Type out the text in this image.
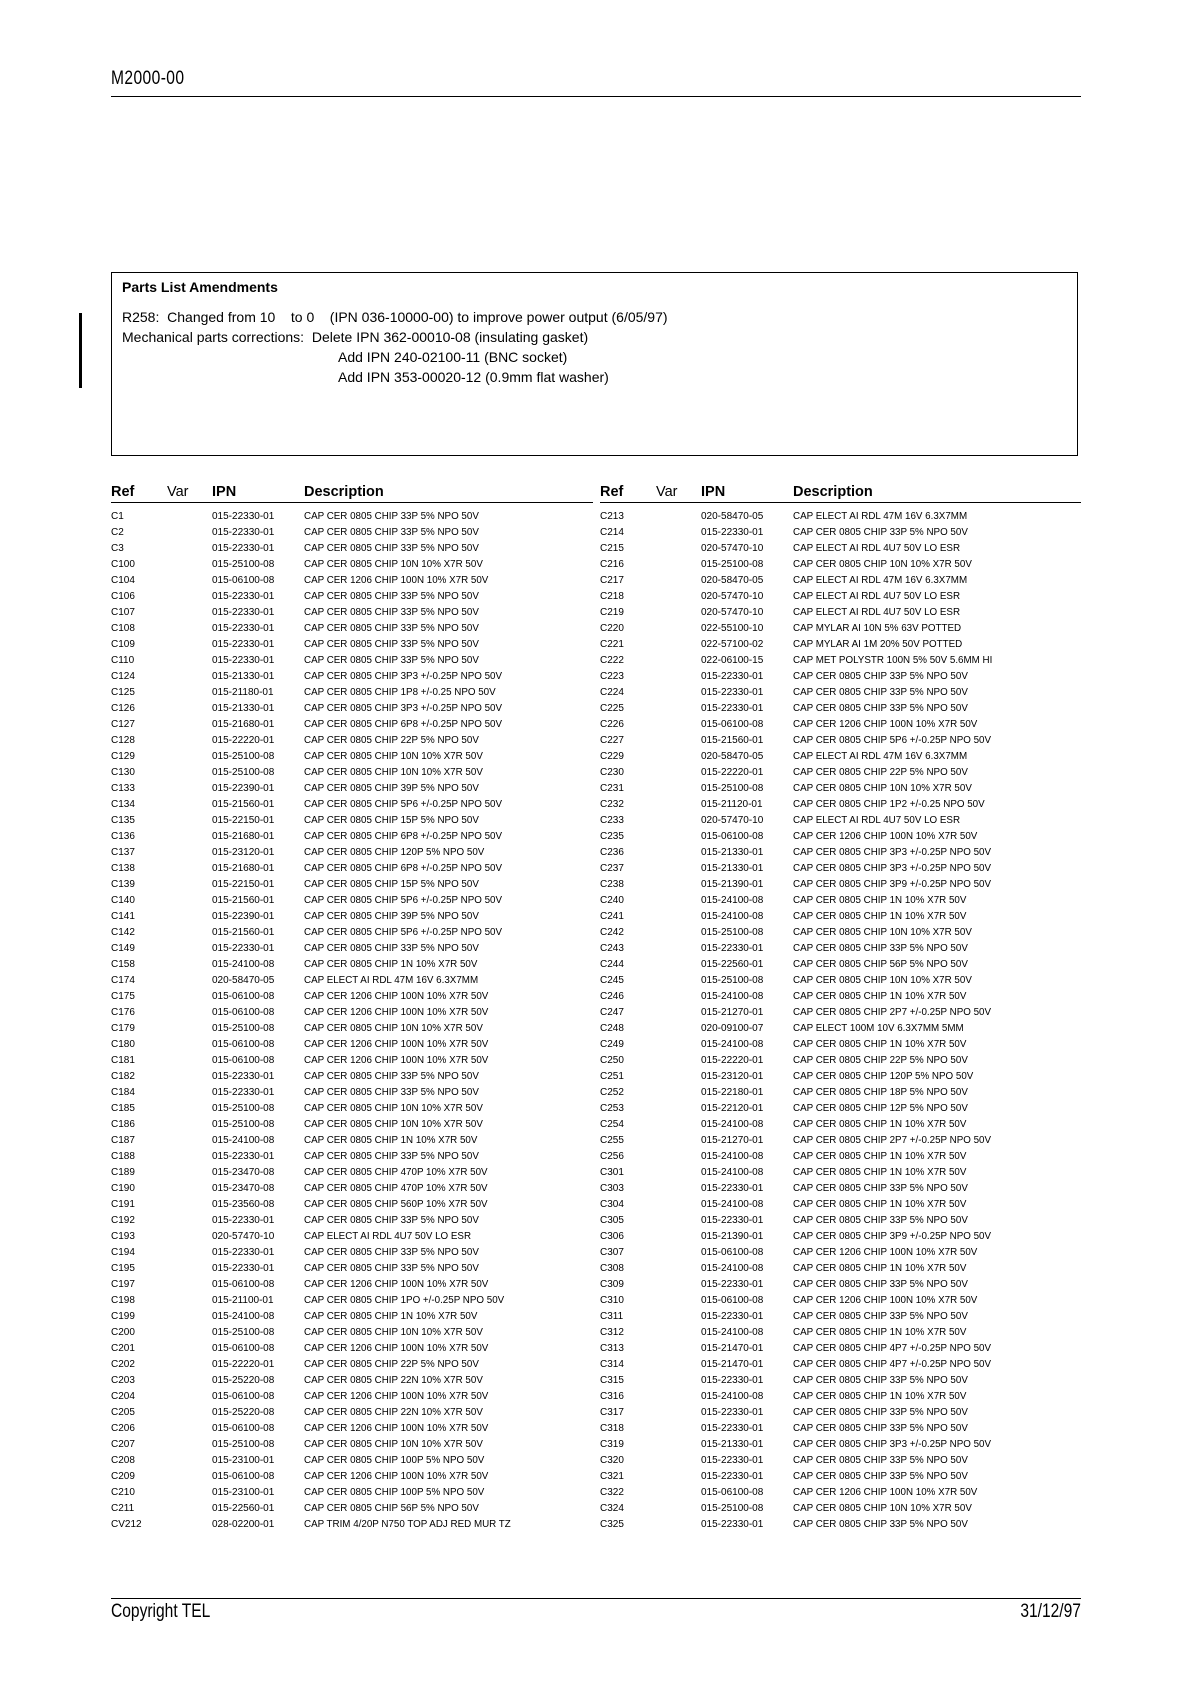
M2000-00
Parts List Amendments
R258:  Changed from 10    to 0    (IPN 036-10000-00) to improve power output (6/05/97)
Mechanical parts corrections:  Delete IPN 362-00010-08 (insulating gasket)
Add IPN 240-02100-11 (BNC socket)
Add IPN 353-00020-12 (0.9mm flat washer)
Ref Var IPN	Description
C1	015-22330-01	CAP CER 0805 CHIP 33P 5% NPO 50V
C2	015-22330-01	CAP CER 0805 CHIP 33P 5% NPO 50V
C3	015-22330-01	CAP CER 0805 CHIP 33P 5% NPO 50V
C100	015-25100-08	CAP CER 0805 CHIP 10N 10% X7R 50V
C104	015-06100-08	CAP CER 1206 CHIP 100N 10% X7R 50V
C106	015-22330-01	CAP CER 0805 CHIP 33P 5% NPO 50V
C107	015-22330-01	CAP CER 0805 CHIP 33P 5% NPO 50V
C108	015-22330-01	CAP CER 0805 CHIP 33P 5% NPO 50V
C109	015-22330-01	CAP CER 0805 CHIP 33P 5% NPO 50V
C110	015-22330-01	CAP CER 0805 CHIP 33P 5% NPO 50V
C124	015-21330-01	CAP CER 0805 CHIP 3P3 +/-0.25P NPO 50V
C125	015-21180-01	CAP CER 0805 CHIP 1P8 +/-0.25 NPO 50V
C126	015-21330-01	CAP CER 0805 CHIP 3P3 +/-0.25P NPO 50V
C127	015-21680-01	CAP CER 0805 CHIP 6P8 +/-0.25P NPO 50V
C128	015-22220-01	CAP CER 0805 CHIP 22P 5% NPO 50V
C129	015-25100-08	CAP CER 0805 CHIP 10N 10% X7R 50V
C130	015-25100-08	CAP CER 0805 CHIP 10N 10% X7R 50V
C133	015-22390-01	CAP CER 0805 CHIP 39P 5% NPO 50V
C134	015-21560-01	CAP CER 0805 CHIP 5P6 +/-0.25P NPO 50V
C135	015-22150-01	CAP CER 0805 CHIP 15P 5% NPO 50V
C136	015-21680-01	CAP CER 0805 CHIP 6P8 +/-0.25P NPO 50V
C137	015-23120-01	CAP CER 0805 CHIP 120P 5% NPO 50V
C138	015-21680-01	CAP CER 0805 CHIP 6P8 +/-0.25P NPO 50V
C139	015-22150-01	CAP CER 0805 CHIP 15P 5% NPO 50V
C140	015-21560-01	CAP CER 0805 CHIP 5P6 +/-0.25P NPO 50V
C141	015-22390-01	CAP CER 0805 CHIP 39P 5% NPO 50V
C142	015-21560-01	CAP CER 0805 CHIP 5P6 +/-0.25P NPO 50V
C149	015-22330-01	CAP CER 0805 CHIP 33P 5% NPO 50V
C158	015-24100-08	CAP CER 0805 CHIP 1N 10% X7R 50V
C174	020-58470-05	CAP ELECT AI RDL 47M 16V 6.3X7MM
C175	015-06100-08	CAP CER 1206 CHIP 100N 10% X7R 50V
C176	015-06100-08	CAP CER 1206 CHIP 100N 10% X7R 50V
C179	015-25100-08	CAP CER 0805 CHIP 10N 10% X7R 50V
C180	015-06100-08	CAP CER 1206 CHIP 100N 10% X7R 50V
C181	015-06100-08	CAP CER 1206 CHIP 100N 10% X7R 50V
C182	015-22330-01	CAP CER 0805 CHIP 33P 5% NPO 50V
C184	015-22330-01	CAP CER 0805 CHIP 33P 5% NPO 50V
C185	015-25100-08	CAP CER 0805 CHIP 10N 10% X7R 50V
C186	015-25100-08	CAP CER 0805 CHIP 10N 10% X7R 50V
C187	015-24100-08	CAP CER 0805 CHIP 1N 10% X7R 50V
C188	015-22330-01	CAP CER 0805 CHIP 33P 5% NPO 50V
C189	015-23470-08	CAP CER 0805 CHIP 470P 10% X7R 50V
C190	015-23470-08	CAP CER 0805 CHIP 470P 10% X7R 50V
C191	015-23560-08	CAP CER 0805 CHIP 560P 10% X7R 50V
C192	015-22330-01	CAP CER 0805 CHIP 33P 5% NPO 50V
C193	020-57470-10	CAP ELECT AI RDL 4U7 50V LO ESR
C194	015-22330-01	CAP CER 0805 CHIP 33P 5% NPO 50V
C195	015-22330-01	CAP CER 0805 CHIP 33P 5% NPO 50V
C197	015-06100-08	CAP CER 1206 CHIP 100N 10% X7R 50V
C198	015-21100-01	CAP CER 0805 CHIP 1PO +/-0.25P NPO 50V
C199	015-24100-08	CAP CER 0805 CHIP 1N 10% X7R 50V
C200	015-25100-08	CAP CER 0805 CHIP 10N 10% X7R 50V
C201	015-06100-08	CAP CER 1206 CHIP 100N 10% X7R 50V
C202	015-22220-01	CAP CER 0805 CHIP 22P 5% NPO 50V
C203	015-25220-08	CAP CER 0805 CHIP 22N 10% X7R 50V
C204	015-06100-08	CAP CER 1206 CHIP 100N 10% X7R 50V
C205	015-25220-08	CAP CER 0805 CHIP 22N 10% X7R 50V
C206	015-06100-08	CAP CER 1206 CHIP 100N 10% X7R 50V
C207	015-25100-08	CAP CER 0805 CHIP 10N 10% X7R 50V
C208	015-23100-01	CAP CER 0805 CHIP 100P 5% NPO 50V
C209	015-06100-08	CAP CER 1206 CHIP 100N 10% X7R 50V
C210	015-23100-01	CAP CER 0805 CHIP 100P 5% NPO 50V
C211	015-22560-01	CAP CER 0805 CHIP 56P 5% NPO 50V
CV212	028-02200-01	CAP TRIM 4/20P N750 TOP ADJ RED MUR TZ
Ref Var IPN	Description
C213	020-58470-05	CAP ELECT AI RDL 47M 16V 6.3X7MM
C214	015-22330-01	CAP CER 0805 CHIP 33P 5% NPO 50V
C215	020-57470-10	CAP ELECT AI RDL 4U7 50V LO ESR
C216	015-25100-08	CAP CER 0805 CHIP 10N 10% X7R 50V
C217	020-58470-05	CAP ELECT AI RDL 47M 16V 6.3X7MM
C218	020-57470-10	CAP ELECT AI RDL 4U7 50V LO ESR
C219	020-57470-10	CAP ELECT AI RDL 4U7 50V LO ESR
C220	022-55100-10	CAP MYLAR AI 10N 5% 63V POTTED
C221	022-57100-02	CAP MYLAR AI 1M 20% 50V POTTED
C222	022-06100-15	CAP MET POLYSTR 100N 5% 50V 5.6MM HI
C223	015-22330-01	CAP CER 0805 CHIP 33P 5% NPO 50V
C224	015-22330-01	CAP CER 0805 CHIP 33P 5% NPO 50V
C225	015-22330-01	CAP CER 0805 CHIP 33P 5% NPO 50V
C226	015-06100-08	CAP CER 1206 CHIP 100N 10% X7R 50V
C227	015-21560-01	CAP CER 0805 CHIP 5P6 +/-0.25P NPO 50V
C229	020-58470-05	CAP ELECT AI RDL 47M 16V 6.3X7MM
C230	015-22220-01	CAP CER 0805 CHIP 22P 5% NPO 50V
C231	015-25100-08	CAP CER 0805 CHIP 10N 10% X7R 50V
C232	015-21120-01	CAP CER 0805 CHIP 1P2 +/-0.25 NPO 50V
C233	020-57470-10	CAP ELECT AI RDL 4U7 50V LO ESR
C235	015-06100-08	CAP CER 1206 CHIP 100N 10% X7R 50V
C236	015-21330-01	CAP CER 0805 CHIP 3P3 +/-0.25P NPO 50V
C237	015-21330-01	CAP CER 0805 CHIP 3P3 +/-0.25P NPO 50V
C238	015-21390-01	CAP CER 0805 CHIP 3P9 +/-0.25P NPO 50V
C240	015-24100-08	CAP CER 0805 CHIP 1N 10% X7R 50V
C241	015-24100-08	CAP CER 0805 CHIP 1N 10% X7R 50V
C242	015-25100-08	CAP CER 0805 CHIP 10N 10% X7R 50V
C243	015-22330-01	CAP CER 0805 CHIP 33P 5% NPO 50V
C244	015-22560-01	CAP CER 0805 CHIP 56P 5% NPO 50V
C245	015-25100-08	CAP CER 0805 CHIP 10N 10% X7R 50V
C246	015-24100-08	CAP CER 0805 CHIP 1N 10% X7R 50V
C247	015-21270-01	CAP CER 0805 CHIP 2P7 +/-0.25P NPO 50V
C248	020-09100-07	CAP ELECT 100M 10V 6.3X7MM 5MM
C249	015-24100-08	CAP CER 0805 CHIP 1N 10% X7R 50V
C250	015-22220-01	CAP CER 0805 CHIP 22P 5% NPO 50V
C251	015-23120-01	CAP CER 0805 CHIP 120P 5% NPO 50V
C252	015-22180-01	CAP CER 0805 CHIP 18P 5% NPO 50V
C253	015-22120-01	CAP CER 0805 CHIP 12P 5% NPO 50V
C254	015-24100-08	CAP CER 0805 CHIP 1N 10% X7R 50V
C255	015-21270-01	CAP CER 0805 CHIP 2P7 +/-0.25P NPO 50V
C256	015-24100-08	CAP CER 0805 CHIP 1N 10% X7R 50V
C301	015-24100-08	CAP CER 0805 CHIP 1N 10% X7R 50V
C303	015-22330-01	CAP CER 0805 CHIP 33P 5% NPO 50V
C304	015-24100-08	CAP CER 0805 CHIP 1N 10% X7R 50V
C305	015-22330-01	CAP CER 0805 CHIP 33P 5% NPO 50V
C306	015-21390-01	CAP CER 0805 CHIP 3P9 +/-0.25P NPO 50V
C307	015-06100-08	CAP CER 1206 CHIP 100N 10% X7R 50V
C308	015-24100-08	CAP CER 0805 CHIP 1N 10% X7R 50V
C309	015-22330-01	CAP CER 0805 CHIP 33P 5% NPO 50V
C310	015-06100-08	CAP CER 1206 CHIP 100N 10% X7R 50V
C311	015-22330-01	CAP CER 0805 CHIP 33P 5% NPO 50V
C312	015-24100-08	CAP CER 0805 CHIP 1N 10% X7R 50V
C313	015-21470-01	CAP CER 0805 CHIP 4P7 +/-0.25P NPO 50V
C314	015-21470-01	CAP CER 0805 CHIP 4P7 +/-0.25P NPO 50V
C315	015-22330-01	CAP CER 0805 CHIP 33P 5% NPO 50V
C316	015-24100-08	CAP CER 0805 CHIP 1N 10% X7R 50V
C317	015-22330-01	CAP CER 0805 CHIP 33P 5% NPO 50V
C318	015-22330-01	CAP CER 0805 CHIP 33P 5% NPO 50V
C319	015-21330-01	CAP CER 0805 CHIP 3P3 +/-0.25P NPO 50V
C320	015-22330-01	CAP CER 0805 CHIP 33P 5% NPO 50V
C321	015-22330-01	CAP CER 0805 CHIP 33P 5% NPO 50V
C322	015-06100-08	CAP CER 1206 CHIP 100N 10% X7R 50V
C324	015-25100-08	CAP CER 0805 CHIP 10N 10% X7R 50V
C325	015-22330-01	CAP CER 0805 CHIP 33P 5% NPO 50V
Copyright TEL	31/12/97
